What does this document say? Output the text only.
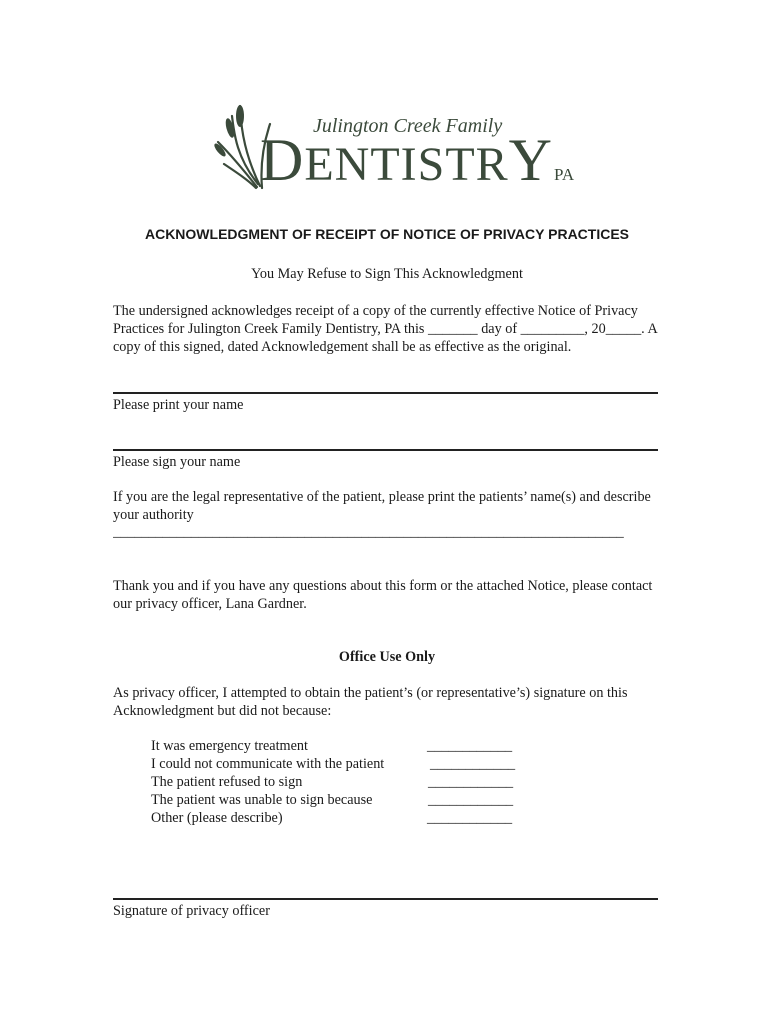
Julington Creek Family
DENTISTRYPA
ACKNOWLEDGMENT OF RECEIPT OF NOTICE OF PRIVACY PRACTICES
You May Refuse to Sign This Acknowledgment
The undersigned acknowledges receipt of a copy of the currently effective Notice of Privacy Practices for Julington Creek Family Dentistry, PA this _______ day of _________, 20_____. A copy of this signed, dated Acknowledgement shall be as effective as the original.
Please print your name
Please sign your name
If you are the legal representative of the patient, please print the patients’ name(s) and describe your authority
________________________________________________________________________
Thank you and if you have any questions about this form or the attached Notice, please contact our privacy officer, Lana Gardner.
Office Use Only
As privacy officer, I attempted to obtain the patient’s (or representative’s) signature on this Acknowledgment but did not because:
It was emergency treatment
I could not communicate with the patient
The patient refused to sign
The patient was unable to sign because
Other (please describe)
____________
____________
____________
____________
____________
Signature of privacy officer
